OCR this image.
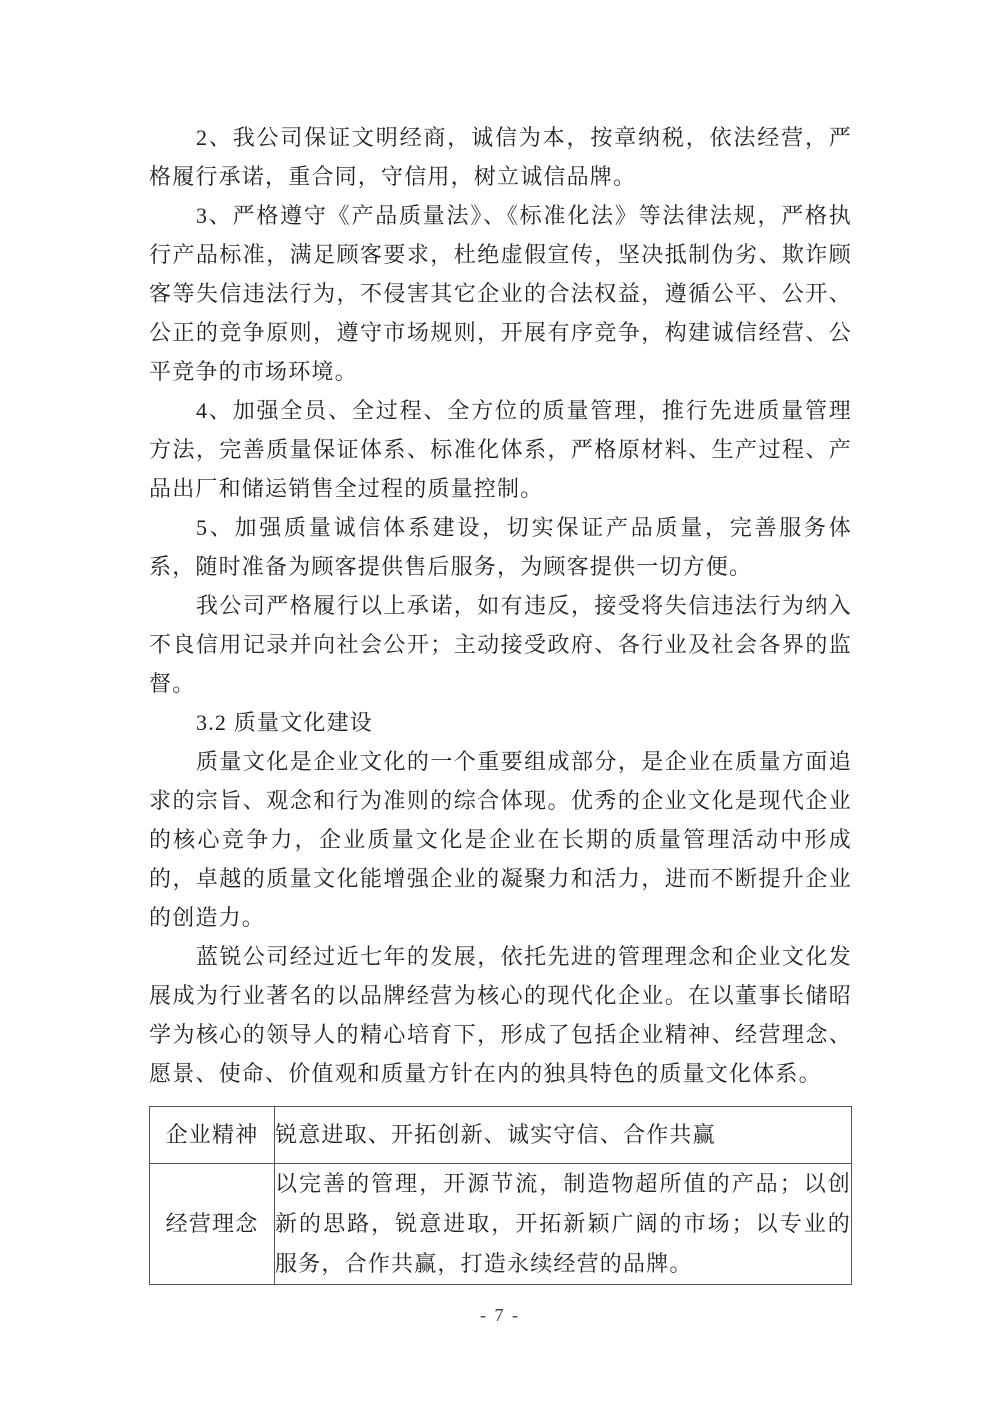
2、我公司保证文明经商，诚信为本，按章纳税，依法经营，严格履行承诺，重合同，守信用，树立诚信品牌。

3、严格遵守《产品质量法》、《标准化法》等法律法规，严格执行产品标准，满足顾客要求，杜绝虚假宣传，坚决抵制伪劣、欺诈顾客等失信违法行为，不侵害其它企业的合法权益，遵循公平、公开、公正的竞争原则，遵守市场规则，开展有序竞争，构建诚信经营、公平竞争的市场环境。

4、加强全员、全过程、全方位的质量管理，推行先进质量管理方法，完善质量保证体系、标准化体系，严格原材料、生产过程、产品出厂和储运销售全过程的质量控制。

5、加强质量诚信体系建设，切实保证产品质量，完善服务体系，随时准备为顾客提供售后服务，为顾客提供一切方便。

我公司严格履行以上承诺，如有违反，接受将失信违法行为纳入不良信用记录并向社会公开；主动接受政府、各行业及社会各界的监督。

3.2 质量文化建设

质量文化是企业文化的一个重要组成部分，是企业在质量方面追求的宗旨、观念和行为准则的综合体现。优秀的企业文化是现代企业的核心竞争力，企业质量文化是企业在长期的质量管理活动中形成的，卓越的质量文化能增强企业的凝聚力和活力，进而不断提升企业的创造力。

蓝锐公司经过近七年的发展，依托先进的管理理念和企业文化发展成为行业著名的以品牌经营为核心的现代化企业。在以董事长储昭学为核心的领导人的精心培育下，形成了包括企业精神、经营理念、愿景、使命、价值观和质量方针在内的独具特色的质量文化体系。

企业精神	锐意进取、开拓创新、诚实守信、合作共赢
经营理念	以完善的管理，开源节流，制造物超所值的产品；以创新的思路，锐意进取，开拓新颖广阔的市场；以专业的服务，合作共赢，打造永续经营的品牌。
- 7 -
